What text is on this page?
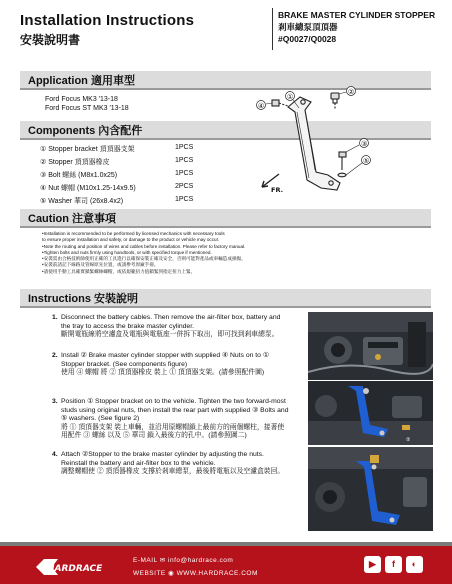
Installation Instructions
安裝說明書
BRAKE MASTER CYLINDER STOPPER
剎車總泵頂頂器
#Q0027/Q0028
Application 適用車型
Ford Focus MK3 '13-18
Ford Focus ST MK3 '13-18
Components 內含配件
① Stopper bracket 頂頂器支架	1PCS
② Stopper 頂頂器橡皮	1PCS
③ Bolt 螺絲 (M8x1.0x25)	1PCS
④ Nut 螺帽 (M10x1.25-14x9.5)	2PCS
⑤ Washer 華司 (26x8.4x2)	1PCS
②
④
③
⑤
①
FR.
Caution 注意事項
•Installation is recommended to be performed by licensed mechanics with necessary tools
to ensure proper installation and safety, or damage to the product or vehicle may occur.
•Note the routing and position of wires and cables before installation. Please refer to factory manual.
•Tighten bolts and nuts firmly using handtools, or with specified torque if mentioned.
•安裝需由合格技術師使用正確的工具進行以確保安裝正確及安全，否則可能對產品或車輛造成損傷。
•安裝前請記下線路及管線原先位置，或請參考原廠手冊。
•請使用手動工具確實鎖緊螺絲螺帽，或依規範扭力值鎖緊到指定扭力上緊。
Instructions 安裝說明
1. Disconnect the battery cables. Then remove the air-filter box, battery and the tray to access the brake master cylinder.
斷開電瓶線將空濾盒及電瓶與電瓶座一併拆下取出，即可找到剎車總泵。
2. Install ② Brake master cylinder stopper with supplied ④ Nuts on to ① Stopper bracket. (See components figure)
使用 ④ 螺帽 將 ② 頂頂器橡皮 裝上 ① 頂頂器支架。(請參照配件圖)
3. Position ① Stopper bracket on to the vehicle. Tighten the two forward-most studs using original nuts, then install the rear part with supplied ③ Bolts and ⑤ washers. (See figure 2)
將 ① 頂頂器支架 裝上車輛，並沿用原螺帽鎖上最前方的兩個螺柱，接著使用配件 ③ 螺絲 以及 ⑤ 華司 鎖入最後方的孔中。(請參照圖二)
4. Attach ②Stopper to the brake master cylinder by adjusting the nuts. Reinstall the battery and air-filter box to the vehicle.
調整螺帽使 ② 頂頂器橡皮 支撐於剎車總泵，最後將電瓶以及空濾盒裝回。
②
HARDRACE
E-MAIL ✉ info@hardrace.com
WEBSITE ◉ WWW.HARDRACE.COM
▶	f	◐
